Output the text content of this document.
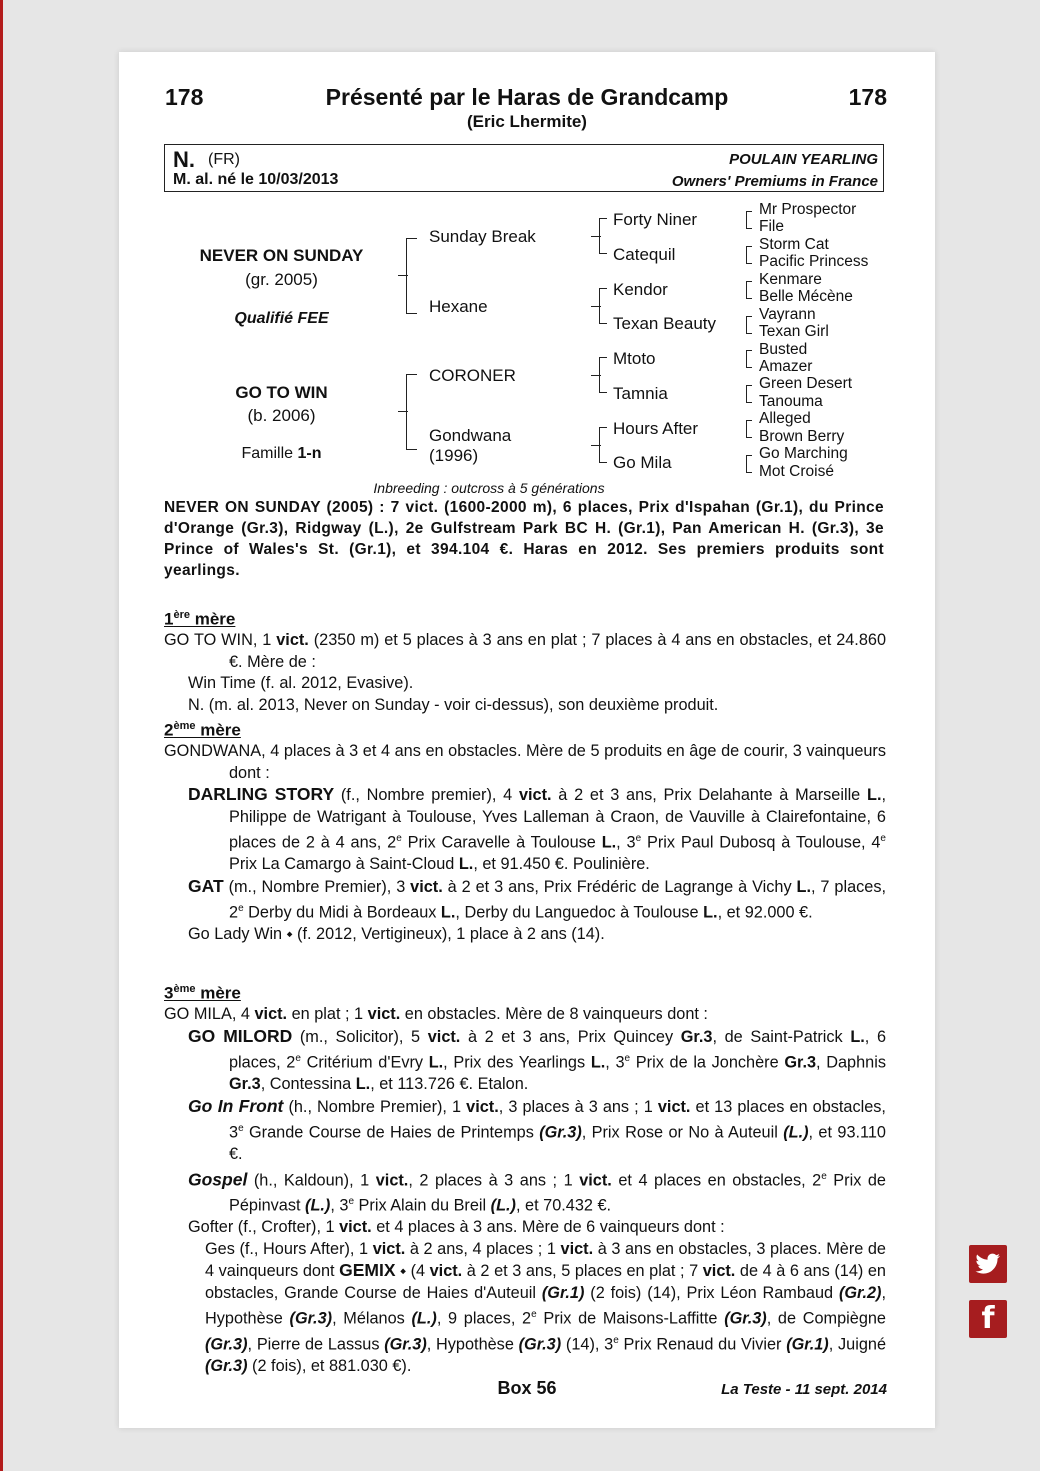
178	Présenté par le Haras de Grandcamp	178
(Eric Lhermite)
N. (FR)
M. al. né le 10/03/2013
POULAIN YEARLING
Owners' Premiums in France
NEVER ON SUNDAY
(gr. 2005)
Qualifié FEE
GO TO WIN
(b. 2006)
Famille 1-n
Sunday Break
Hexane
CORONER
Gondwana
(1996)
Forty Niner
Catequil
Kendor
Texan Beauty
Mtoto
Tamnia
Hours After
Go Mila
Mr Prospector
File
Storm Cat
Pacific Princess
Kenmare
Belle Mécène
Vayrann
Texan Girl
Busted
Amazer
Green Desert
Tanouma
Alleged
Brown Berry
Go Marching
Mot Croisé
Inbreeding : outcross à 5 générations
NEVER ON SUNDAY (2005) : 7 vict. (1600-2000 m), 6 places, Prix d'Ispahan (Gr.1), du Prince d'Orange (Gr.3), Ridgway (L.), 2e Gulfstream Park BC H. (Gr.1), Pan American H. (Gr.3), 3e Prince of Wales's St. (Gr.1), et 394.104 €. Haras en 2012. Ses premiers produits sont yearlings.
1ère mère
GO TO WIN, 1 vict. (2350 m) et 5 places à 3 ans en plat ; 7 places à 4 ans en obstacles, et 24.860 €. Mère de :
Win Time (f. al. 2012, Evasive).
N. (m. al. 2013, Never on Sunday - voir ci-dessus), son deuxième produit.
2ème mère
GONDWANA, 4 places à 3 et 4 ans en obstacles. Mère de 5 produits en âge de courir, 3 vainqueurs dont :
DARLING STORY (f., Nombre premier), 4 vict. à 2 et 3 ans, Prix Delahante à Marseille L., Philippe de Watrigant à Toulouse, Yves Lalleman à Craon, de Vauville à Clairefontaine, 6 places de 2 à 4 ans, 2e Prix Caravelle à Toulouse L., 3e Prix Paul Dubosq à Toulouse, 4e Prix La Camargo à Saint-Cloud L., et 91.450 €. Poulinière.
GAT (m., Nombre Premier), 3 vict. à 2 et 3 ans, Prix Frédéric de Lagrange à Vichy L., 7 places, 2e Derby du Midi à Bordeaux L., Derby du Languedoc à Toulouse L., et 92.000 €.
Go Lady Win ⬩ (f. 2012, Vertigineux), 1 place à 2 ans (14).
3ème mère
GO MILA, 4 vict. en plat ; 1 vict. en obstacles. Mère de 8 vainqueurs dont :
GO MILORD (m., Solicitor), 5 vict. à 2 et 3 ans, Prix Quincey Gr.3, de Saint-Patrick L., 6 places, 2e Critérium d'Evry L., Prix des Yearlings L., 3e Prix de la Jonchère Gr.3, Daphnis Gr.3, Contessina L., et 113.726 €. Etalon.
Go In Front (h., Nombre Premier), 1 vict., 3 places à 3 ans ; 1 vict. et 13 places en obstacles, 3e Grande Course de Haies de Printemps (Gr.3), Prix Rose or No à Auteuil (L.), et 93.110 €.
Gospel (h., Kaldoun), 1 vict., 2 places à 3 ans ; 1 vict. et 4 places en obstacles, 2e Prix de Pépinvast (L.), 3e Prix Alain du Breil (L.), et 70.432 €.
Gofter (f., Crofter), 1 vict. et 4 places à 3 ans. Mère de 6 vainqueurs dont :
Ges (f., Hours After), 1 vict. à 2 ans, 4 places ; 1 vict. à 3 ans en obstacles, 3 places. Mère de 4 vainqueurs dont GEMIX ⬩ (4 vict. à 2 et 3 ans, 5 places en plat ; 7 vict. de 4 à 6 ans (14) en obstacles, Grande Course de Haies d'Auteuil (Gr.1) (2 fois) (14), Prix Léon Rambaud (Gr.2), Hypothèse (Gr.3), Mélanos (L.), 9 places, 2e Prix de Maisons-Laffitte (Gr.3), de Compiègne (Gr.3), Pierre de Lassus (Gr.3), Hypothèse (Gr.3) (14), 3e Prix Renaud du Vivier (Gr.1), Juigné (Gr.3) (2 fois), et 881.030 €).
Box 56	La Teste - 11 sept. 2014
f
